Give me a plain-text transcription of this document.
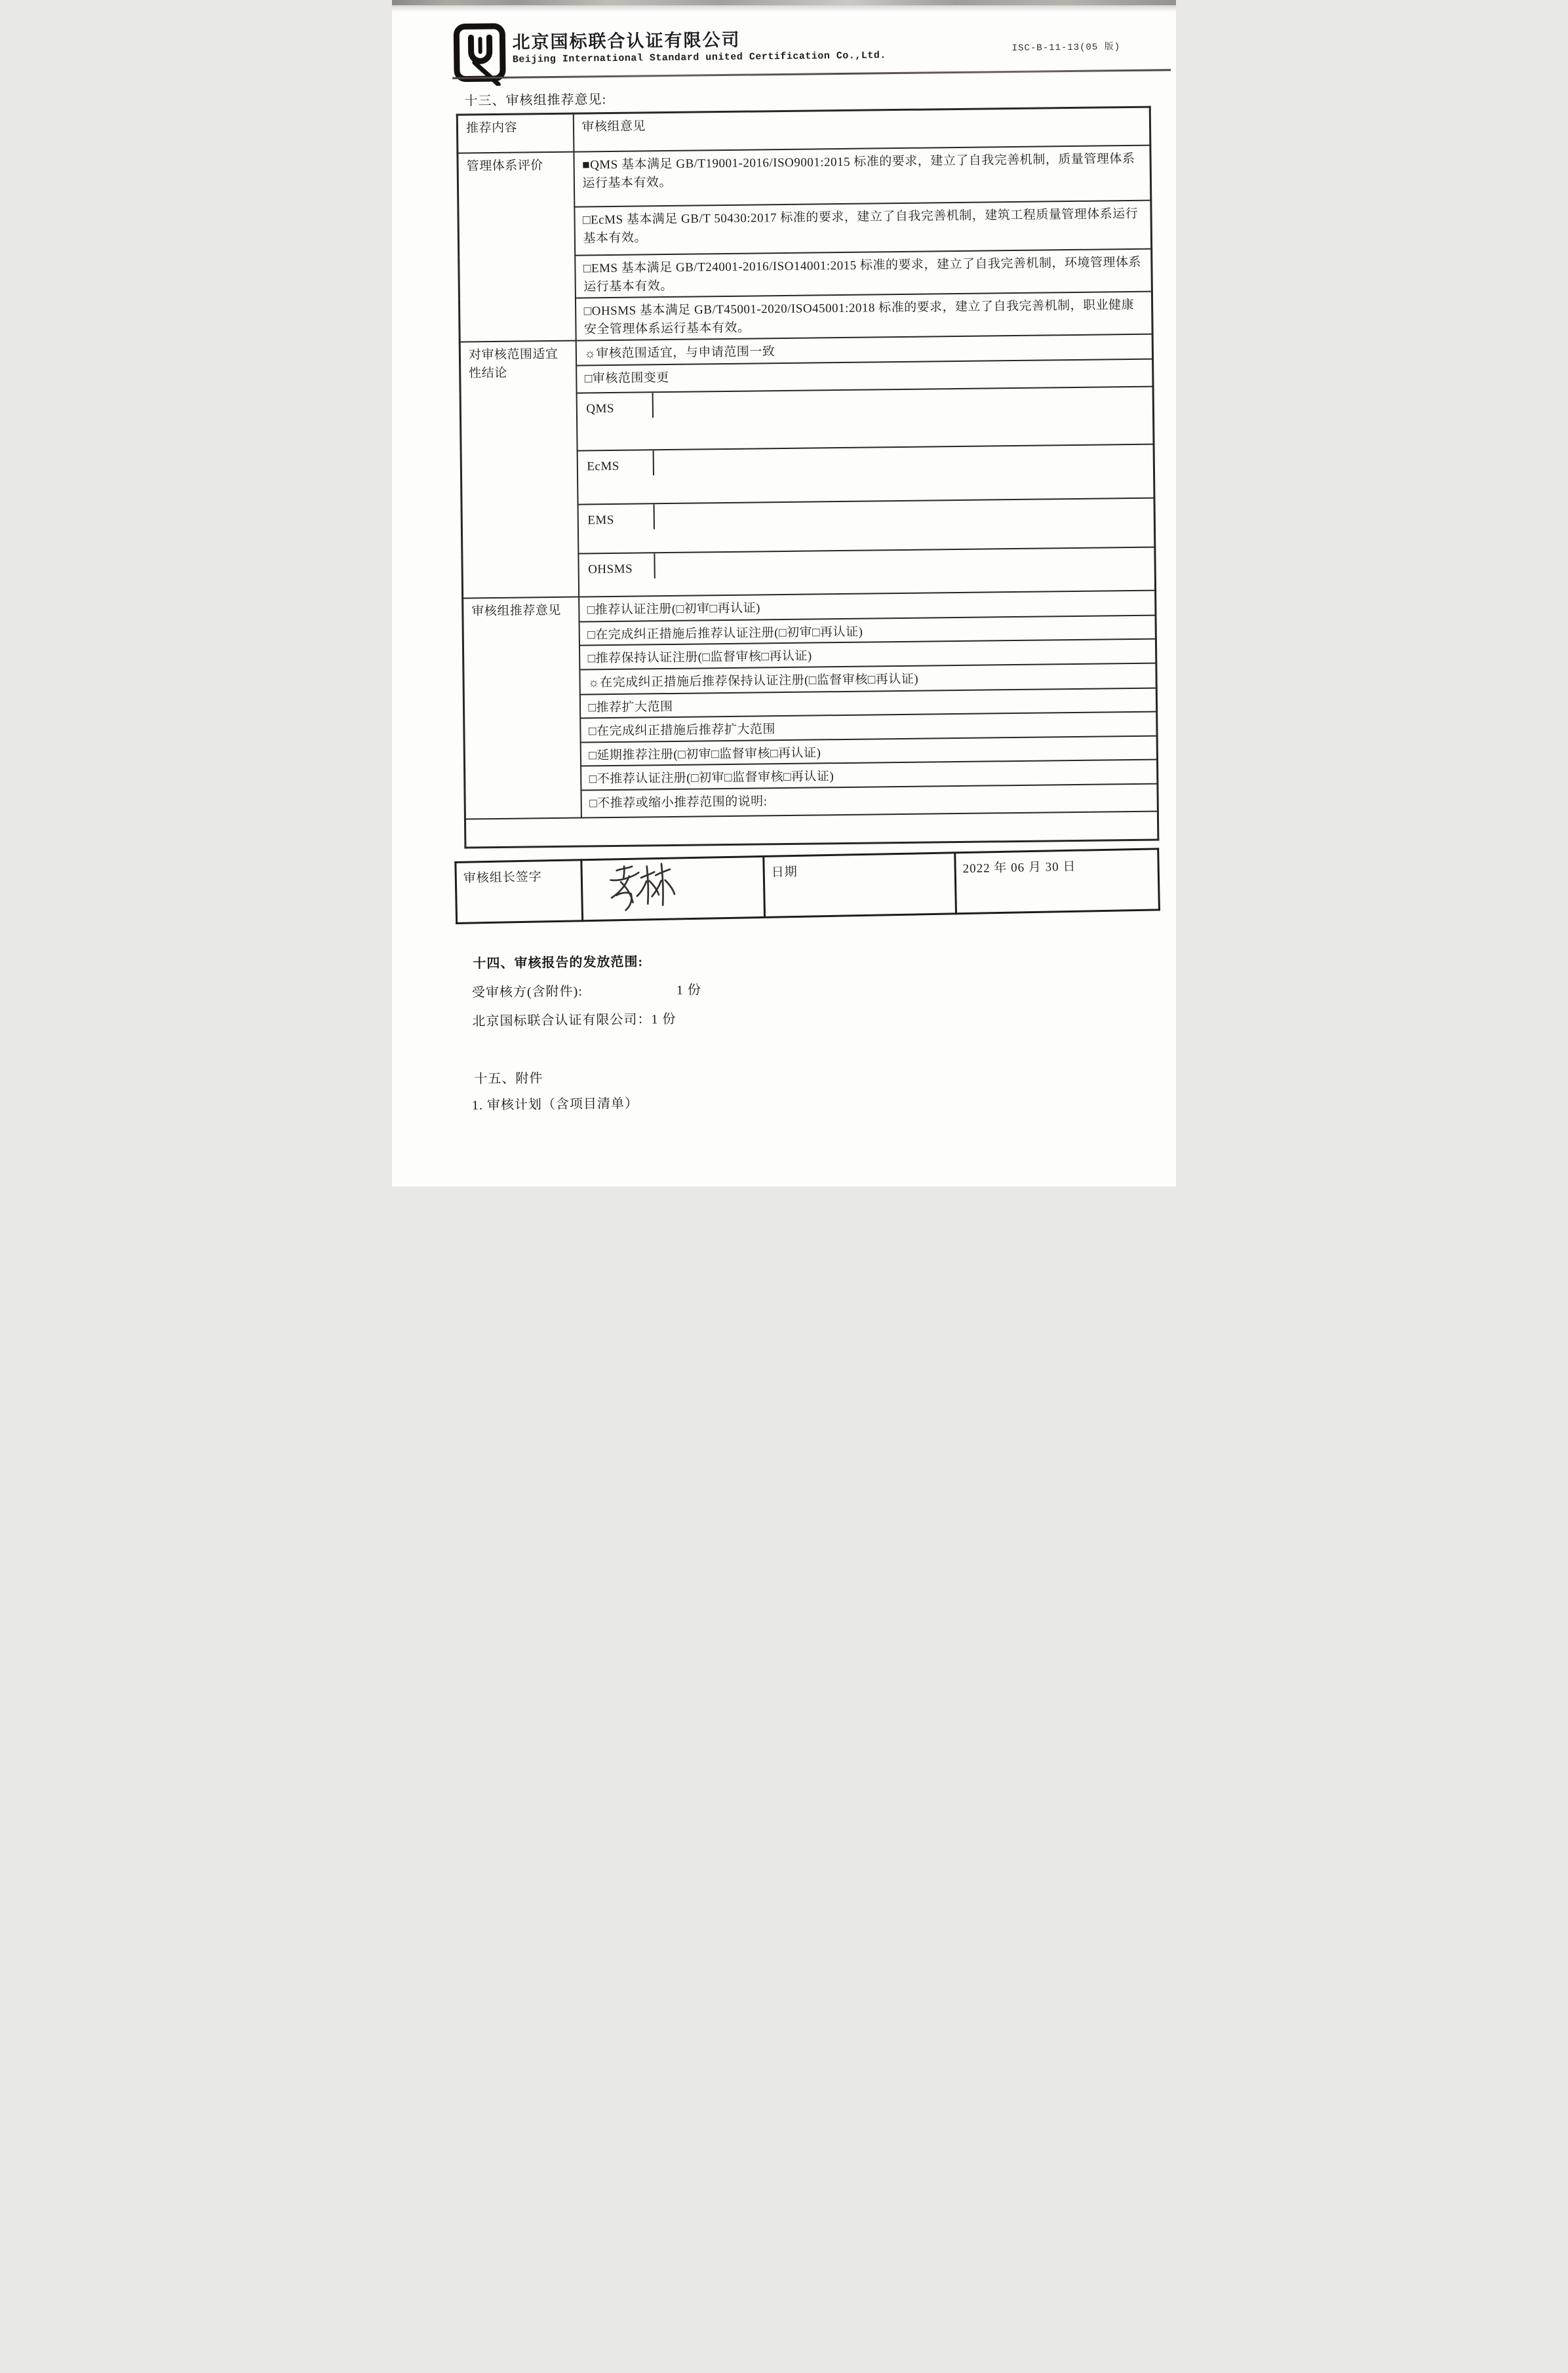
北京国标联合认证有限公司
Beijing International Standard united Certification Co.,Ltd.
ISC-B-11-13(05 版)
十三、审核组推荐意见:
推荐内容	审核组意见
管理体系评价	■QMS 基本满足 GB/T19001-2016/ISO9001:2015 标准的要求，建立了自我完善机制，质量管理体系运行基本有效。
	□EcMS 基本满足 GB/T 50430:2017 标准的要求，建立了自我完善机制，建筑工程质量管理体系运行基本有效。
	□EMS 基本满足 GB/T24001-2016/ISO14001:2015 标准的要求，建立了自我完善机制，环境管理体系运行基本有效。
	□OHSMS 基本满足 GB/T45001-2020/ISO45001:2018 标准的要求，建立了自我完善机制，职业健康安全管理体系运行基本有效。
对审核范围适宜性结论	☼审核范围适宜，与申请范围一致
	□审核范围变更

	QMS

	EcMS

	EMS

	OHSMS

审核组推荐意见	□推荐认证注册(□初审□再认证)
	□在完成纠正措施后推荐认证注册(□初审□再认证)
	□推荐保持认证注册(□监督审核□再认证)
	☼在完成纠正措施后推荐保持认证注册(□监督审核□再认证)
	□推荐扩大范围
	□在完成纠正措施后推荐扩大范围
	□延期推荐注册(□初审□监督审核□再认证)
	□不推荐认证注册(□初审□监督审核□再认证)
	□不推荐或缩小推荐范围的说明:

审核组长签字		日期	2022 年 06 月 30 日
十四、审核报告的发放范围:
受审核方(含附件):	1 份
北京国标联合认证有限公司：1 份
十五、附件
1. 审核计划（含项目清单）
